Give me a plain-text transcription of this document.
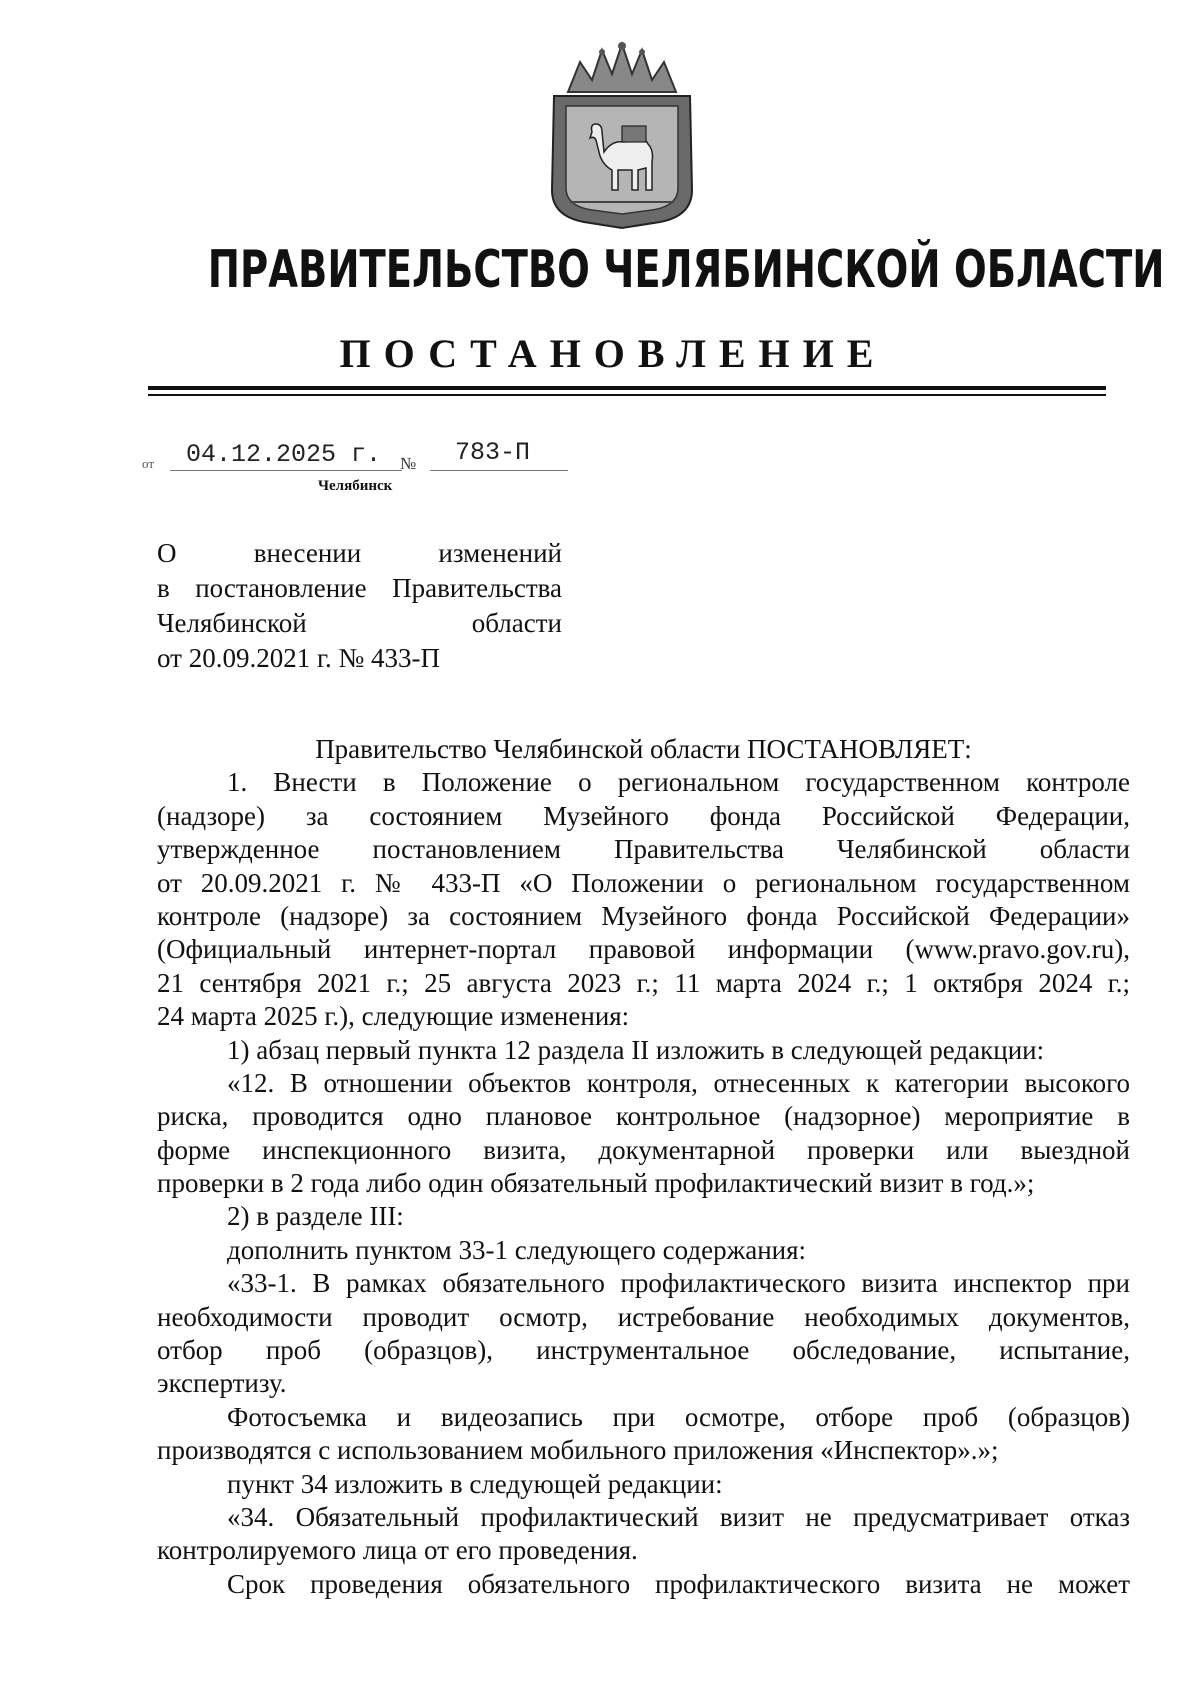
ПРАВИТЕЛЬСТВО ЧЕЛЯБИНСКОЙ ОБЛАСТИ
ПОСТАНОВЛЕНИЕ
от 04.12.2025 г. № 783-П
Челябинск
О внесении изменений
в постановление Правительства
Челябинской области
от 20.09.2021 г. № 433-П
Правительство Челябинской области ПОСТАНОВЛЯЕТ:
1. Внести в Положение о региональном государственном контроле
(надзоре) за состоянием Музейного фонда Российской Федерации,
утвержденное постановлением Правительства Челябинской области
от 20.09.2021 г. № 433-П «О Положении о региональном государственном
контроле (надзоре) за состоянием Музейного фонда Российской Федерации»
(Официальный интернет-портал правовой информации (www.pravo.gov.ru),
21 сентября 2021 г.; 25 августа 2023 г.; 11 марта 2024 г.; 1 октября 2024 г.;
24 марта 2025 г.), следующие изменения:
1) абзац первый пункта 12 раздела II изложить в следующей редакции:
«12. В отношении объектов контроля, отнесенных к категории высокого
риска, проводится одно плановое контрольное (надзорное) мероприятие в
форме инспекционного визита, документарной проверки или выездной
проверки в 2 года либо один обязательный профилактический визит в год.»;
2) в разделе III:
дополнить пунктом 33-1 следующего содержания:
«33-1. В рамках обязательного профилактического визита инспектор при
необходимости проводит осмотр, истребование необходимых документов,
отбор проб (образцов), инструментальное обследование, испытание,
экспертизу.
Фотосъемка и видеозапись при осмотре, отборе проб (образцов)
производятся с использованием мобильного приложения «Инспектор».»;
пункт 34 изложить в следующей редакции:
«34. Обязательный профилактический визит не предусматривает отказ
контролируемого лица от его проведения.
Срок проведения обязательного профилактического визита не может
